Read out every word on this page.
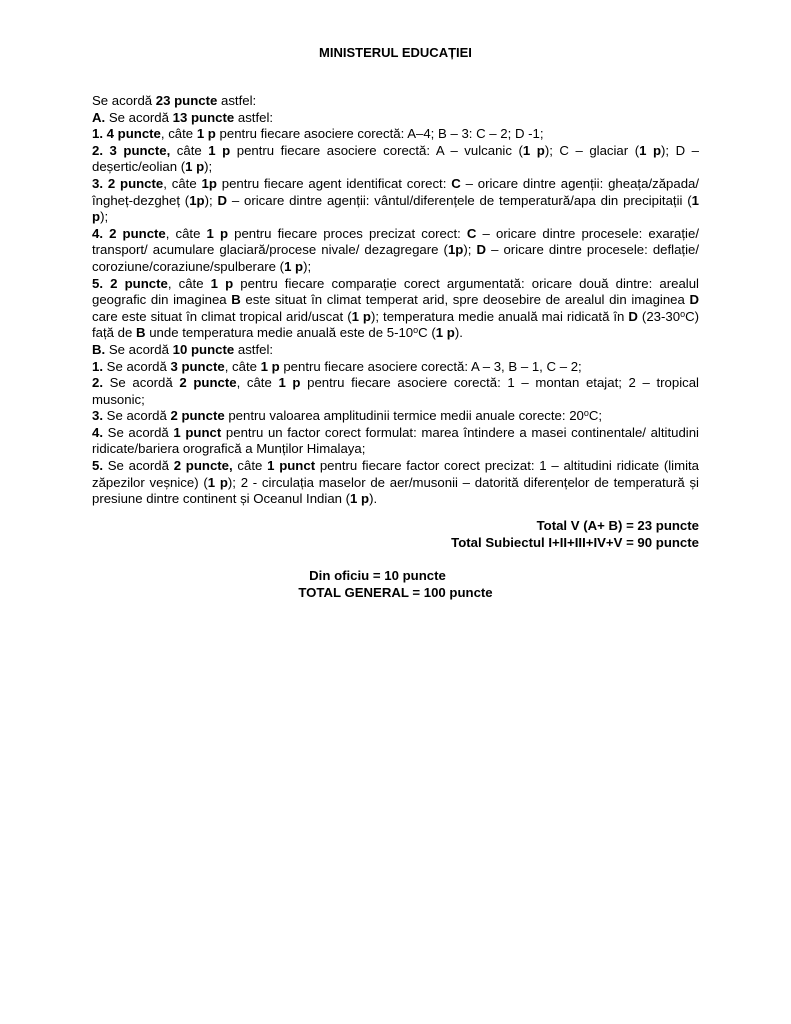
MINISTERUL EDUCAȚIEI

Se acordă 23 puncte astfel:

A. Se acordă 13 puncte astfel:

1. 4 puncte, câte 1 p pentru fiecare asociere corectă: A–4; B – 3: C – 2; D -1;

2. 3 puncte, câte 1 p pentru fiecare asociere corectă: A – vulcanic (1 p); C – glaciar (1 p); D – deșertic/eolian (1 p);

3. 2 puncte, câte 1p pentru fiecare agent identificat corect: C – oricare dintre agenții: gheața/zăpada/îngheț-dezgheț (1p); D – oricare dintre agenții: vântul/diferențele de temperatură/apa din precipitații (1 p);

4. 2 puncte, câte 1 p pentru fiecare proces precizat corect: C – oricare dintre procesele: exarație/ transport/ acumulare glaciară/procese nivale/ dezagregare (1p); D – oricare dintre procesele: deflație/ coroziune/coraziune/spulberare (1 p);

5. 2 puncte, câte 1 p pentru fiecare comparație corect argumentată: oricare două dintre: arealul geografic din imaginea B este situat în climat temperat arid, spre deosebire de arealul din imaginea D care este situat în climat tropical arid/uscat (1 p); temperatura medie anuală mai ridicată în D (23-30$^o$C) față de B unde temperatura medie anuală este de 5-10$^o$C (1 p).

B. Se acordă 10 puncte astfel:

1. Se acordă 3 puncte, câte 1 p pentru fiecare asociere corectă: A – 3, B – 1, C – 2;

2. Se acordă 2 puncte, câte 1 p pentru fiecare asociere corectă: 1 – montan etajat; 2 – tropical musonic;

3. Se acordă 2 puncte pentru valoarea amplitudinii termice medii anuale corecte: 20$^o$C;

4. Se acordă 1 punct pentru un factor corect formulat: marea întindere a masei continentale/ altitudini ridicate/bariera orografică a Munților Himalaya;

5. Se acordă 2 puncte, câte 1 punct pentru fiecare factor corect precizat: 1 – altitudini ridicate (limita zăpezilor veșnice) (1 p); 2 - circulația maselor de aer/musonii – datorită diferențelor de temperatură și presiune dintre continent și Oceanul Indian (1 p).

Total V (A+ B) = 23 puncte

Total Subiectul I+II+III+IV+V = 90 puncte

Din oficiu = 10 puncte

TOTAL GENERAL = 100 puncte
